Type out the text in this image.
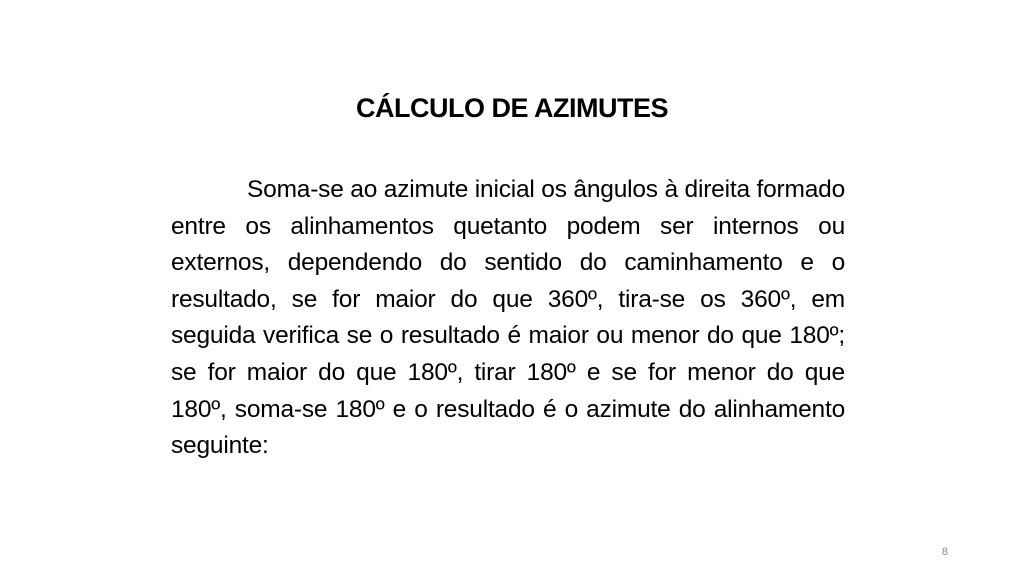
CÁLCULO DE AZIMUTES

Soma-se ao azimute inicial os ângulos à direita formado entre os alinhamentos quetanto podem ser internos ou externos, dependendo do sentido do caminhamento e o resultado, se for maior do que 360º, tira-se os 360º, em seguida verifica se o resultado é maior ou menor do que 180º; se for maior do que 180º, tirar 180º e se for menor do que 180º, soma-se 180º e o resultado é o azimute do alinhamento seguinte:

8
